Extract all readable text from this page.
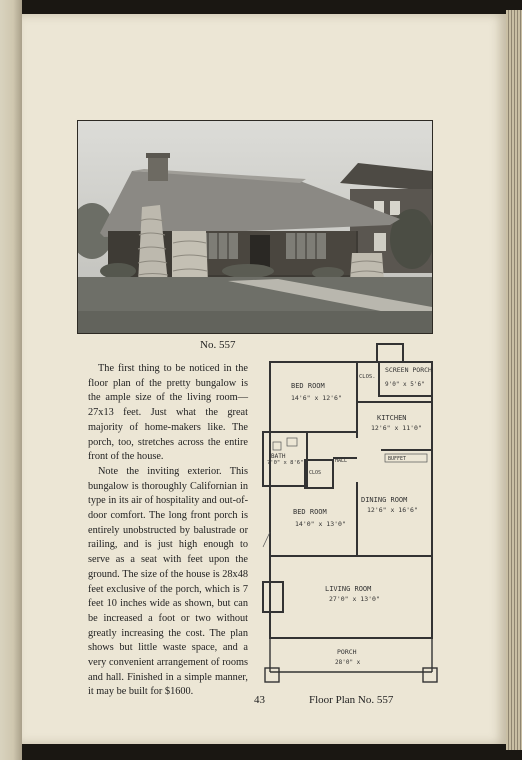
No. 557

The first thing to be noticed in the floor plan of the pretty bungalow is the ample size of the living room—27x13 feet. Just what the great majority of home-makers like. The porch, too, stretches across the entire front of the house.

Note the inviting exterior. This bungalow is thoroughly Californian in type in its air of hospitality and out-of-door comfort. The long front porch is entirely unobstructed by balustrade or railing, and is just high enough to serve as a seat with feet upon the ground. The size of the house is 28x48 feet exclusive of the porch, which is 7 feet 10 inches wide as shown, but can be increased a foot or two without greatly increasing the cost. The plan shows but little waste space, and a very convenient arrangement of rooms and hall. Finished in a simple manner, it may be built for $1600.

SCREEN PORCH
9'0" x 5'6"
CLOS.
BED ROOM
14'6" x 12'6"
KITCHEN
12'6" x 11'0"
BATH
7'0" x 8'6"
CLOS
HALL	BUFFET
BED ROOM
14'0" x 13'0"
DINING ROOM
12'6" x 16'6"
LIVING ROOM
27'0" x 13'0"
PORCH
28'0" x
43	Floor Plan No. 557
